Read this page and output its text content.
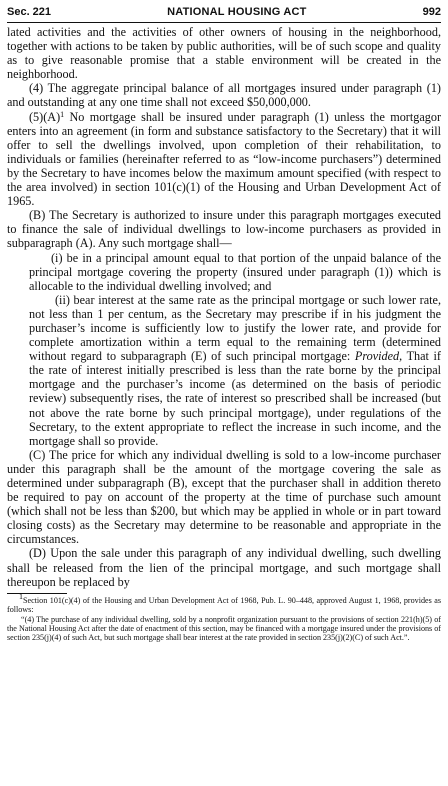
Sec. 221	NATIONAL HOUSING ACT	992

lated activities and the activities of other owners of housing in the neighborhood, together with actions to be taken by public authorities, will be of such scope and quality as to give reasonable promise that a stable environment will be created in the neighborhood.

(4) The aggregate principal balance of all mortgages insured under paragraph (1) and outstanding at any one time shall not exceed $50,000,000.

$(5)(A)^1$ No mortgage shall be insured under paragraph (1) unless the mortgagor enters into an agreement (in form and substance satisfactory to the Secretary) that it will offer to sell the dwellings involved, upon completion of their rehabilitation, to individuals or families (hereinafter referred to as “low-income purchasers”) determined by the Secretary to have incomes below the maximum amount specified (with respect to the area involved) in section 101(c)(1) of the Housing and Urban Development Act of 1965.

(B) The Secretary is authorized to insure under this paragraph mortgages executed to finance the sale of individual dwellings to low-income purchasers as provided in subparagraph (A). Any such mortgage shall—

(i) be in a principal amount equal to that portion of the unpaid balance of the principal mortgage covering the property (insured under paragraph (1)) which is allocable to the individual dwelling involved; and

(ii) bear interest at the same rate as the principal mortgage or such lower rate, not less than 1 per centum, as the Secretary may prescribe if in his judgment the purchaser’s income is sufficiently low to justify the lower rate, and provide for complete amortization within a term equal to the remaining term (determined without regard to subparagraph (E) of such principal mortgage: Provided, That if the rate of interest initially prescribed is less than the rate borne by the principal mortgage and the purchaser’s income (as determined on the basis of periodic review) subsequently rises, the rate of interest so prescribed shall be increased (but not above the rate borne by such principal mortgage), under regulations of the Secretary, to the extent appropriate to reflect the increase in such income, and the mortgage shall so provide.

(C) The price for which any individual dwelling is sold to a low-income purchaser under this paragraph shall be the amount of the mortgage covering the sale as determined under subparagraph (B), except that the purchaser shall in addition thereto be required to pay on account of the property at the time of purchase such amount (which shall not be less than $200, but which may be applied in whole or in part toward closing costs) as the Secretary may determine to be reasonable and appropriate in the circumstances.

(D) Upon the sale under this paragraph of any individual dwelling, such dwelling shall be released from the lien of the principal mortgage, and such mortgage shall thereupon be replaced by

$^1$Section 101(c)(4) of the Housing and Urban Development Act of 1968, Pub. L. 90–448, approved August 1, 1968, provides as follows:

“(4) The purchase of any individual dwelling, sold by a nonprofit organization pursuant to the provisions of section 221(h)(5) of the National Housing Act after the date of enactment of this section, may be financed with a mortgage insured under the provisions of section 235(j)(4) of such Act, but such mortgage shall bear interest at the rate provided in section 235(j)(2)(C) of such Act.”.
